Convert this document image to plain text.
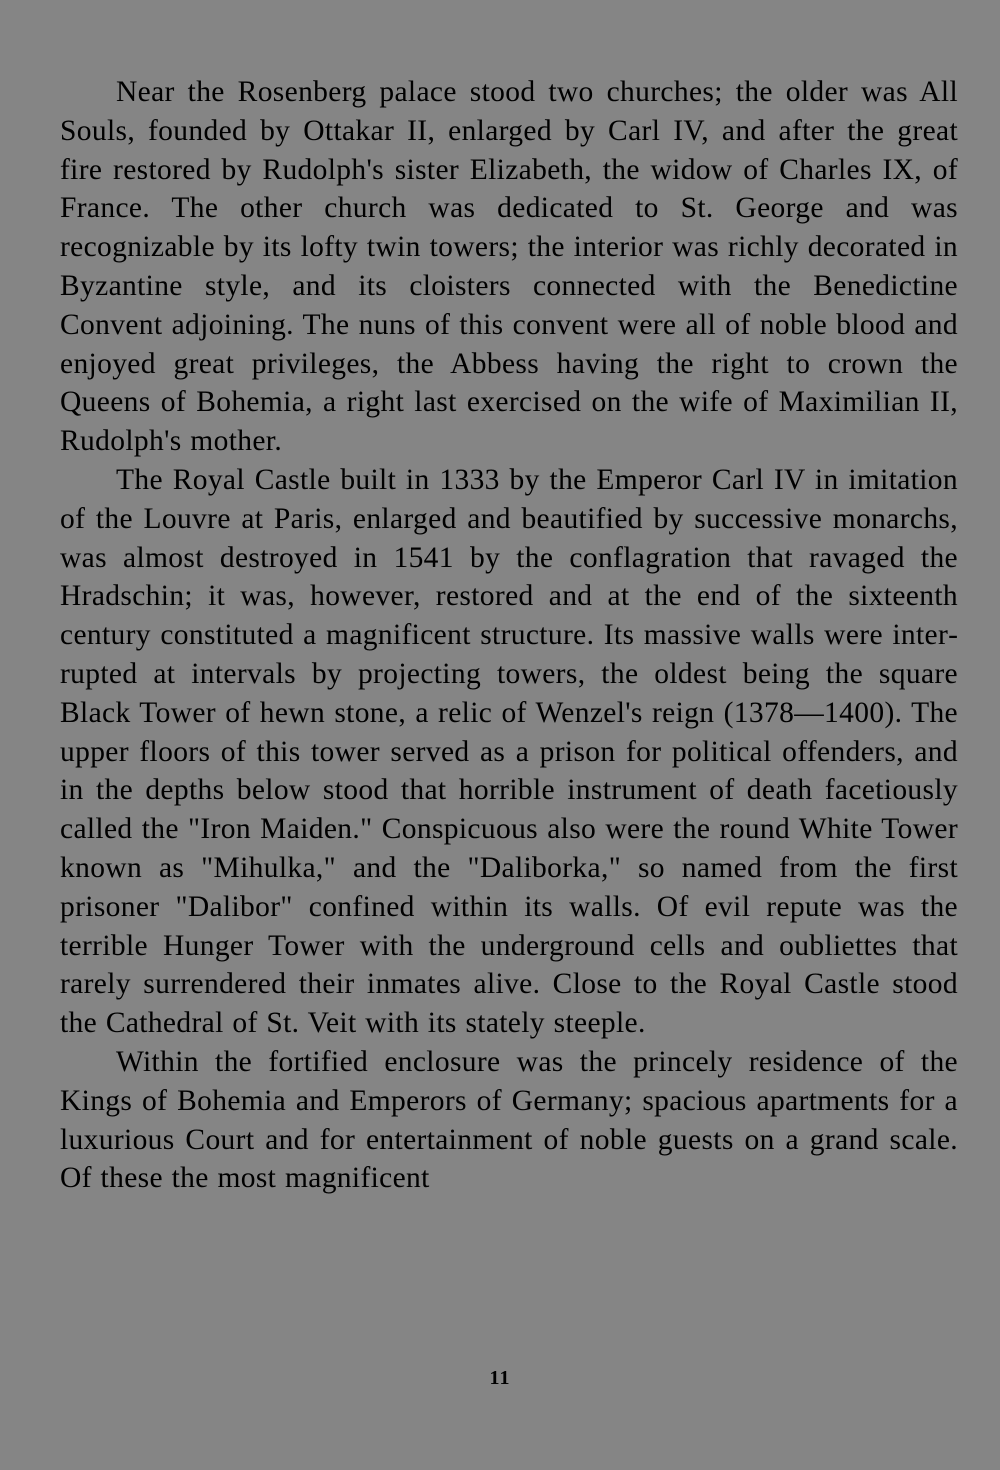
Near the Rosenberg palace stood two churches; the older was All Souls, founded by Ottakar II, enlarged by Carl IV, and after the great fire restored by Rudolph's sister Elizabeth, the widow of Charles IX, of France. The other church was dedicated to St. George and was recognizable by its lofty twin towers; the interior was richly decorated in Byzantine style, and its cloisters connected with the Benedictine Convent adjoining. The nuns of this convent were all of noble blood and enjoyed great privileges, the Abbess having the right to crown the Queens of Bohemia, a right last exercised on the wife of Maximilian II, Rudolph's mother.

The Royal Castle built in 1333 by the Emperor Carl IV in imitation of the Louvre at Paris, enlarged and beautified by successive monarchs, was almost destroyed in 1541 by the conflagration that ravaged the Hradschin; it was, however, restored and at the end of the sixteenth century constituted a magnificent structure. Its massive walls were interrupted at intervals by projecting towers, the oldest being the square Black Tower of hewn stone, a relic of Wenzel's reign (1378—1400). The upper floors of this tower served as a prison for political offenders, and in the depths below stood that horrible instrument of death facetiously called the "Iron Maiden." Conspicuous also were the round White Tower known as "Mihulka," and the "Daliborka," so named from the first prisoner "Dalibor" confined within its walls. Of evil repute was the terrible Hunger Tower with the underground cells and oubliettes that rarely surrendered their inmates alive. Close to the Royal Castle stood the Cathedral of St. Veit with its stately steeple.

Within the fortified enclosure was the princely residence of the Kings of Bohemia and Emperors of Germany; spacious apartments for a luxurious Court and for entertainment of noble guests on a grand scale. Of these the most magnificent

11
